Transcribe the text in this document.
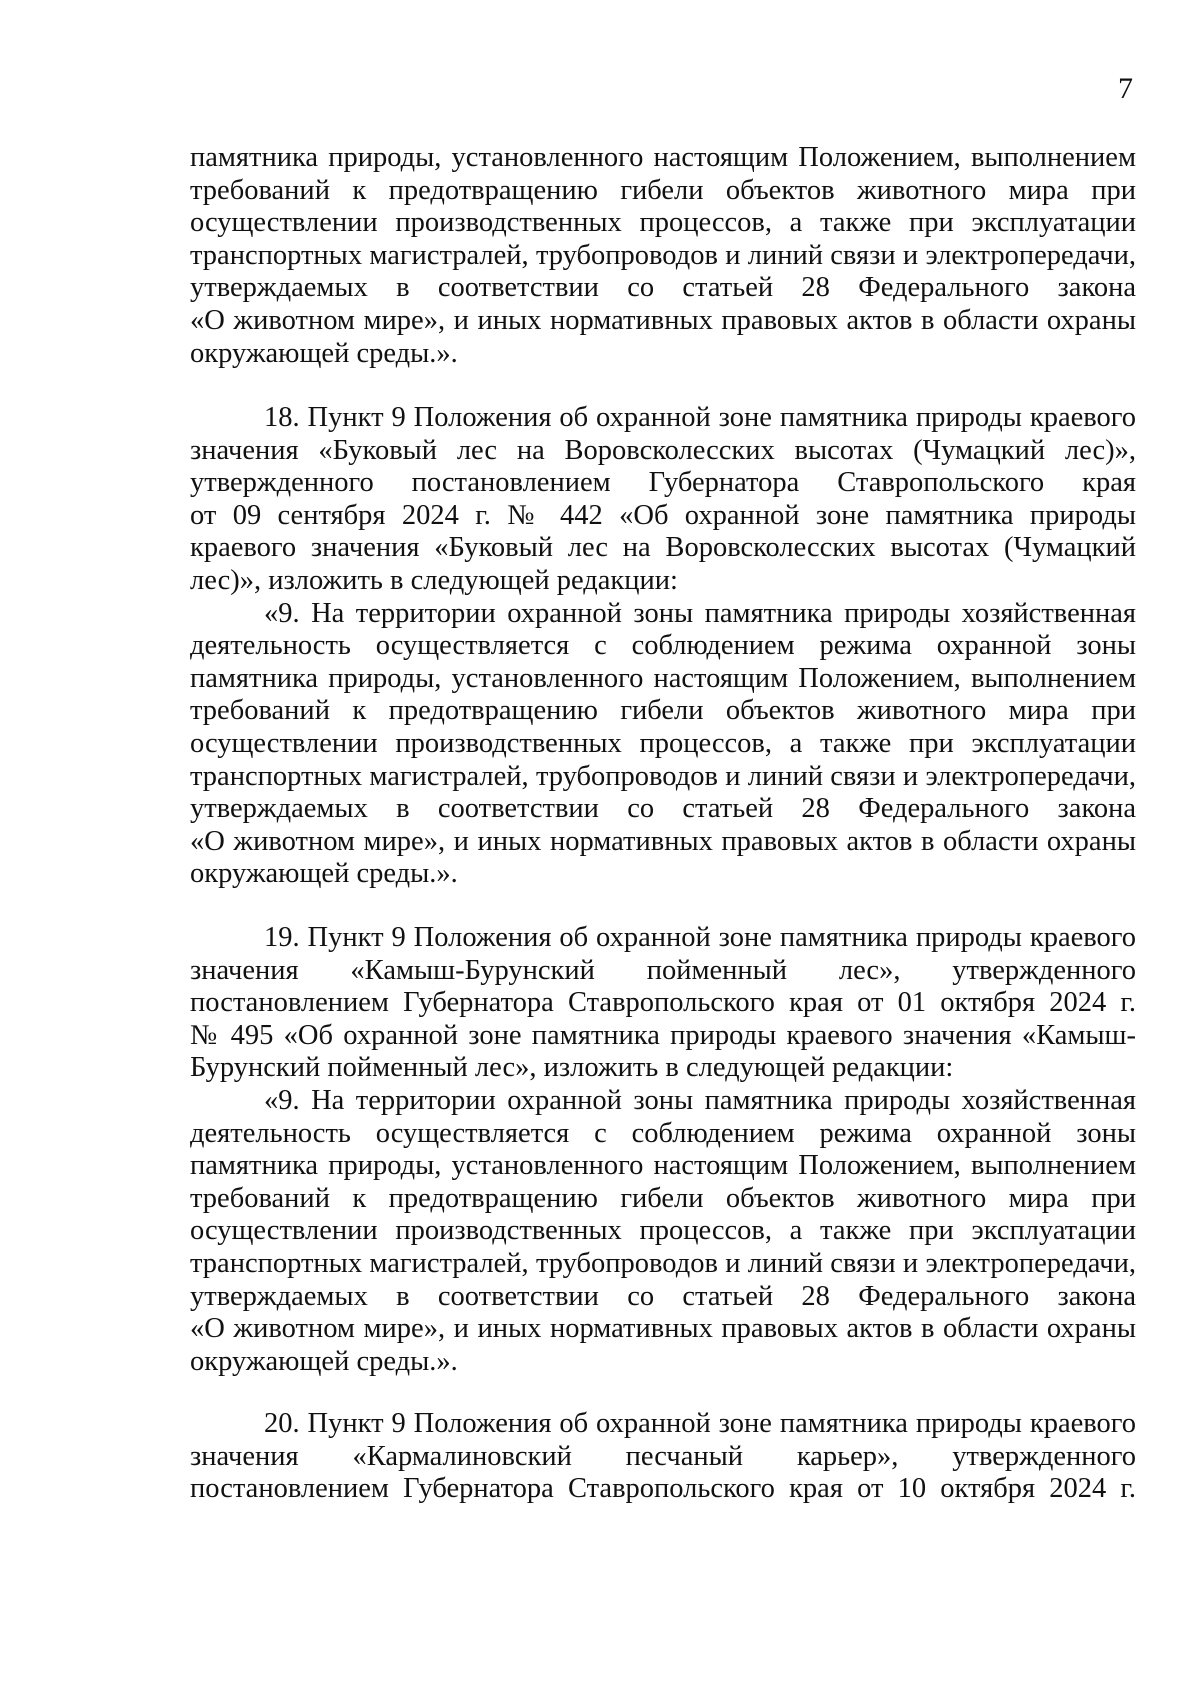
7
памятника природы, установленного настоящим Положением, выполнением
требований к предотвращению гибели объектов животного мира при
осуществлении производственных процессов, а также при эксплуатации
транспортных магистралей, трубопроводов и линий связи и электропередачи,
утверждаемых в соответствии со статьей 28 Федерального закона
«О животном мире», и иных нормативных правовых актов в области охраны
окружающей среды.».
18. Пункт 9 Положения об охранной зоне памятника природы краевого
значения «Буковый лес на Воровсколесских высотах (Чумацкий лес)»,
утвержденного постановлением Губернатора Ставропольского края
от 09 сентября 2024 г. № 442 «Об охранной зоне памятника природы
краевого значения «Буковый лес на Воровсколесских высотах (Чумацкий
лес)», изложить в следующей редакции:
«9. На территории охранной зоны памятника природы хозяйственная
деятельность осуществляется с соблюдением режима охранной зоны
памятника природы, установленного настоящим Положением, выполнением
требований к предотвращению гибели объектов животного мира при
осуществлении производственных процессов, а также при эксплуатации
транспортных магистралей, трубопроводов и линий связи и электропередачи,
утверждаемых в соответствии со статьей 28 Федерального закона
«О животном мире», и иных нормативных правовых актов в области охраны
окружающей среды.».
19. Пункт 9 Положения об охранной зоне памятника природы краевого
значения «Камыш-Бурунский пойменный лес», утвержденного
постановлением Губернатора Ставропольского края от 01 октября 2024 г.
№ 495 «Об охранной зоне памятника природы краевого значения «Камыш-
Бурунский пойменный лес», изложить в следующей редакции:
«9. На территории охранной зоны памятника природы хозяйственная
деятельность осуществляется с соблюдением режима охранной зоны
памятника природы, установленного настоящим Положением, выполнением
требований к предотвращению гибели объектов животного мира при
осуществлении производственных процессов, а также при эксплуатации
транспортных магистралей, трубопроводов и линий связи и электропередачи,
утверждаемых в соответствии со статьей 28 Федерального закона
«О животном мире», и иных нормативных правовых актов в области охраны
окружающей среды.».
20. Пункт 9 Положения об охранной зоне памятника природы краевого
значения «Кармалиновский песчаный карьер», утвержденного
постановлением Губернатора Ставропольского края от 10 октября 2024 г.
